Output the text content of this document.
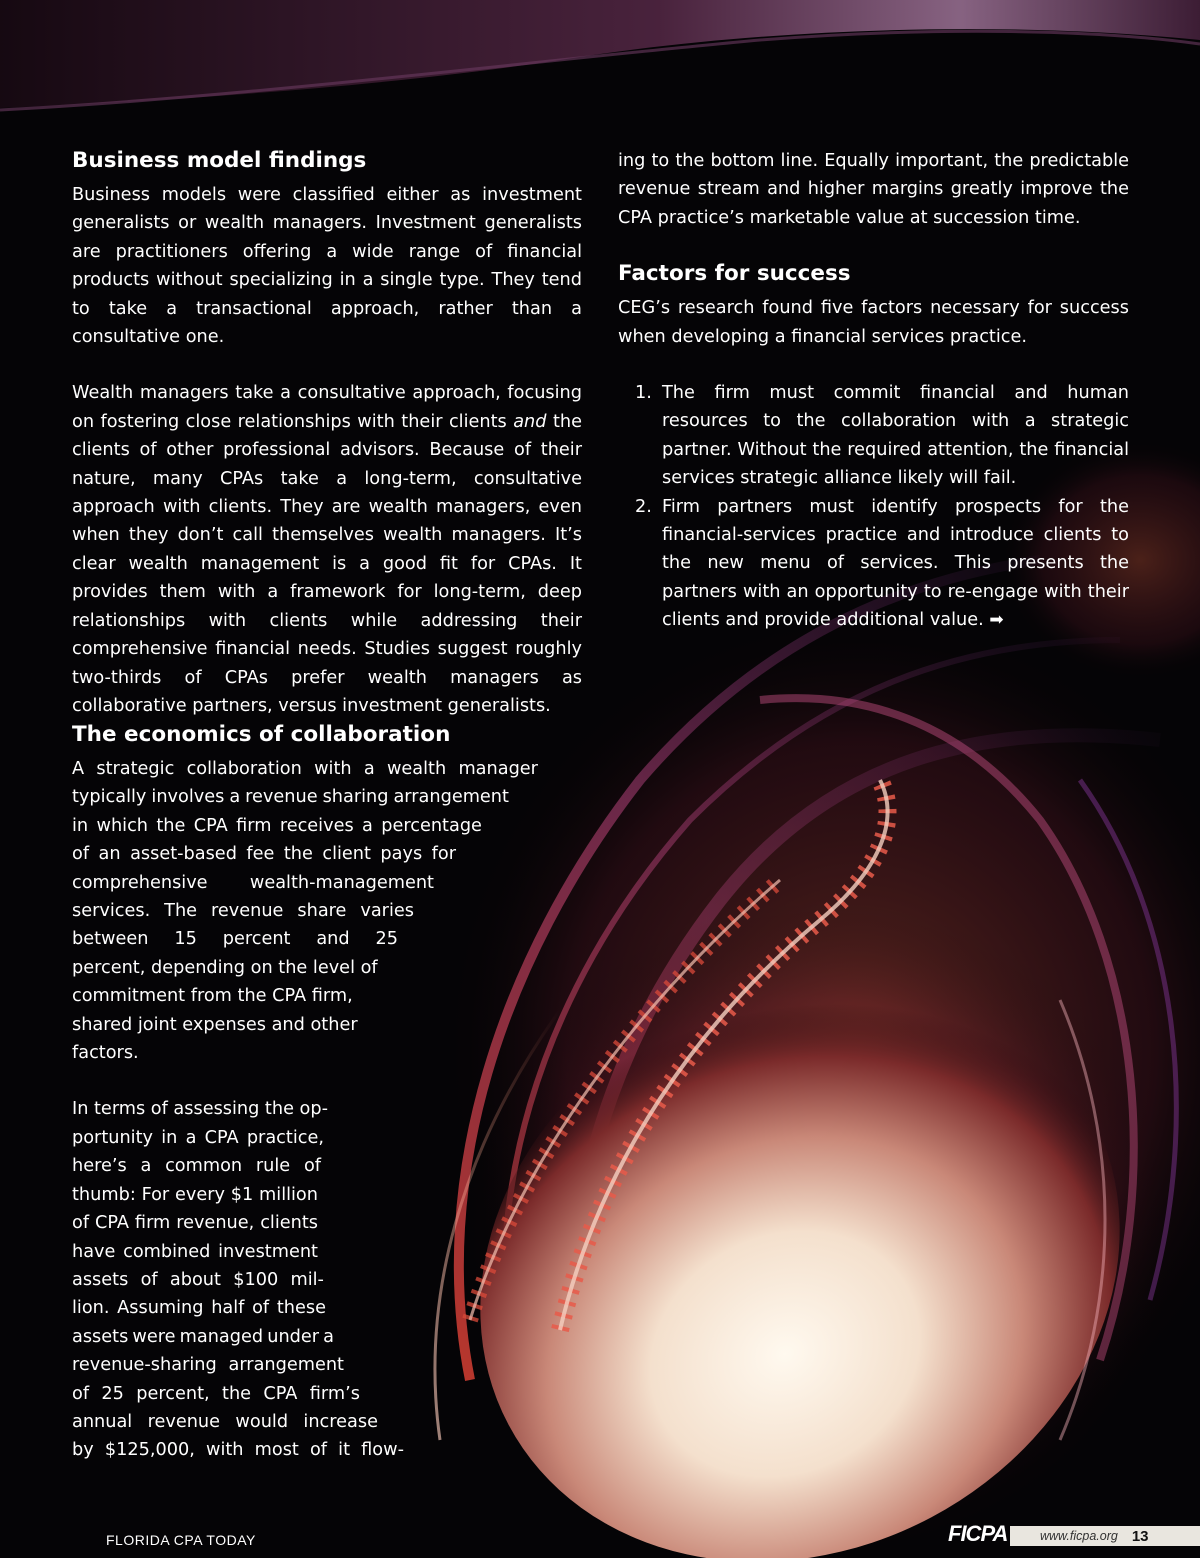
Business model findings

Business models were classified either as investment generalists or wealth managers. Investment generalists are practitioners offering a wide range of financial products without specializing in a single type. They tend to take a transactional approach, rather than a consultative one.

Wealth managers take a consultative approach, focusing on fostering close relationships with their clients and the clients of other professional advisors. Because of their nature, many CPAs take a long-term, consultative approach with clients. They are wealth managers, even when they don’t call themselves wealth managers. It’s clear wealth management is a good fit for CPAs. It provides them with a framework for long-term, deep relationships with clients while addressing their comprehensive financial needs. Studies suggest roughly two-thirds of CPAs prefer wealth managers as collaborative partners, versus investment generalists.

The economics of collaboration
A strategic collaboration with a wealth manager
typically involves a revenue sharing arrangement
in which the CPA firm receives a percentage
of an asset-based fee the client pays for
comprehensive wealth-management
services. The revenue share varies
between 15 percent and 25
percent, depending on the level of
commitment from the CPA firm,
shared joint expenses and other
factors.
In terms of assessing the op-
portunity in a CPA practice,
here’s a common rule of
thumb: For every $1 million
of CPA firm revenue, clients
have combined investment
assets of about $100 mil-
lion. Assuming half of these
assets were managed under a
revenue-sharing arrangement
of 25 percent, the CPA firm’s
annual revenue would increase
by $125,000, with most of it flow-

ing to the bottom line. Equally important, the predictable revenue stream and higher margins greatly improve the CPA practice’s marketable value at succession time.

Factors for success

CEG’s research found five factors necessary for success when developing a financial services practice.

1. The firm must commit financial and human resources to the collaboration with a strategic partner. Without the required attention, the financial services strategic alliance likely will fail.

2. Firm partners must identify prospects for the financial-services practice and introduce clients to the new menu of services. This presents the partners with an opportunity to re-engage with their clients and provide additional value. ➡

FLORIDA CPA TODAY	FICPA	www.ficpa.org 13
